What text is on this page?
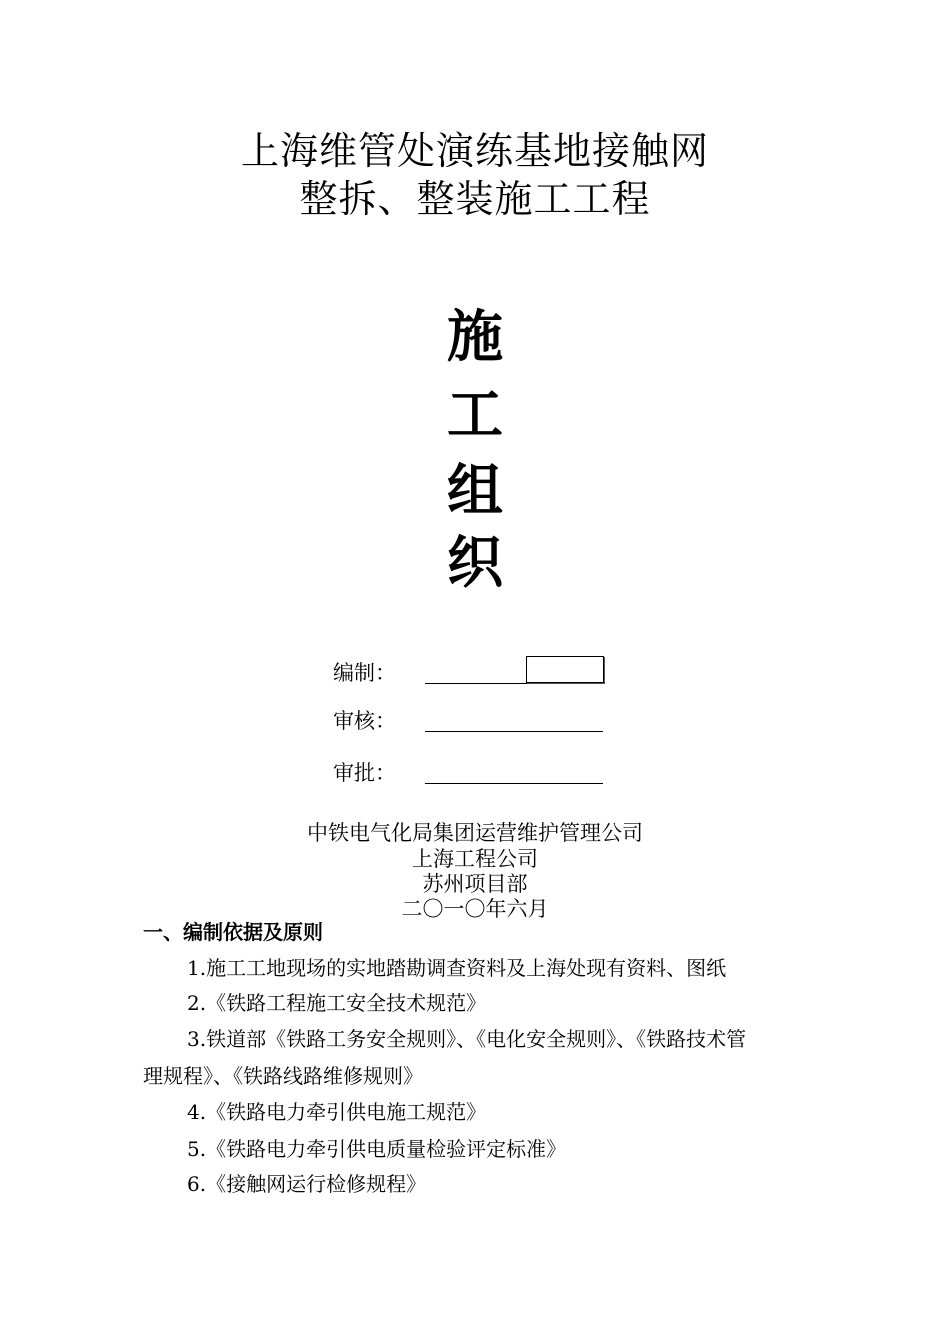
上海维管处演练基地接触网
整拆、整装施工工程
施
工
组
织
编制：
审核：
审批：
中铁电气化局集团运营维护管理公司
上海工程公司
苏州项目部
二〇一〇年六月
一、编制依据及原则
1.施工工地现场的实地踏勘调查资料及上海处现有资料、图纸
2.《铁路工程施工安全技术规范》
3.铁道部《铁路工务安全规则》、《电化安全规则》、《铁路技术管
理规程》、《铁路线路维修规则》
4.《铁路电力牵引供电施工规范》
5.《铁路电力牵引供电质量检验评定标准》
6.《接触网运行检修规程》
